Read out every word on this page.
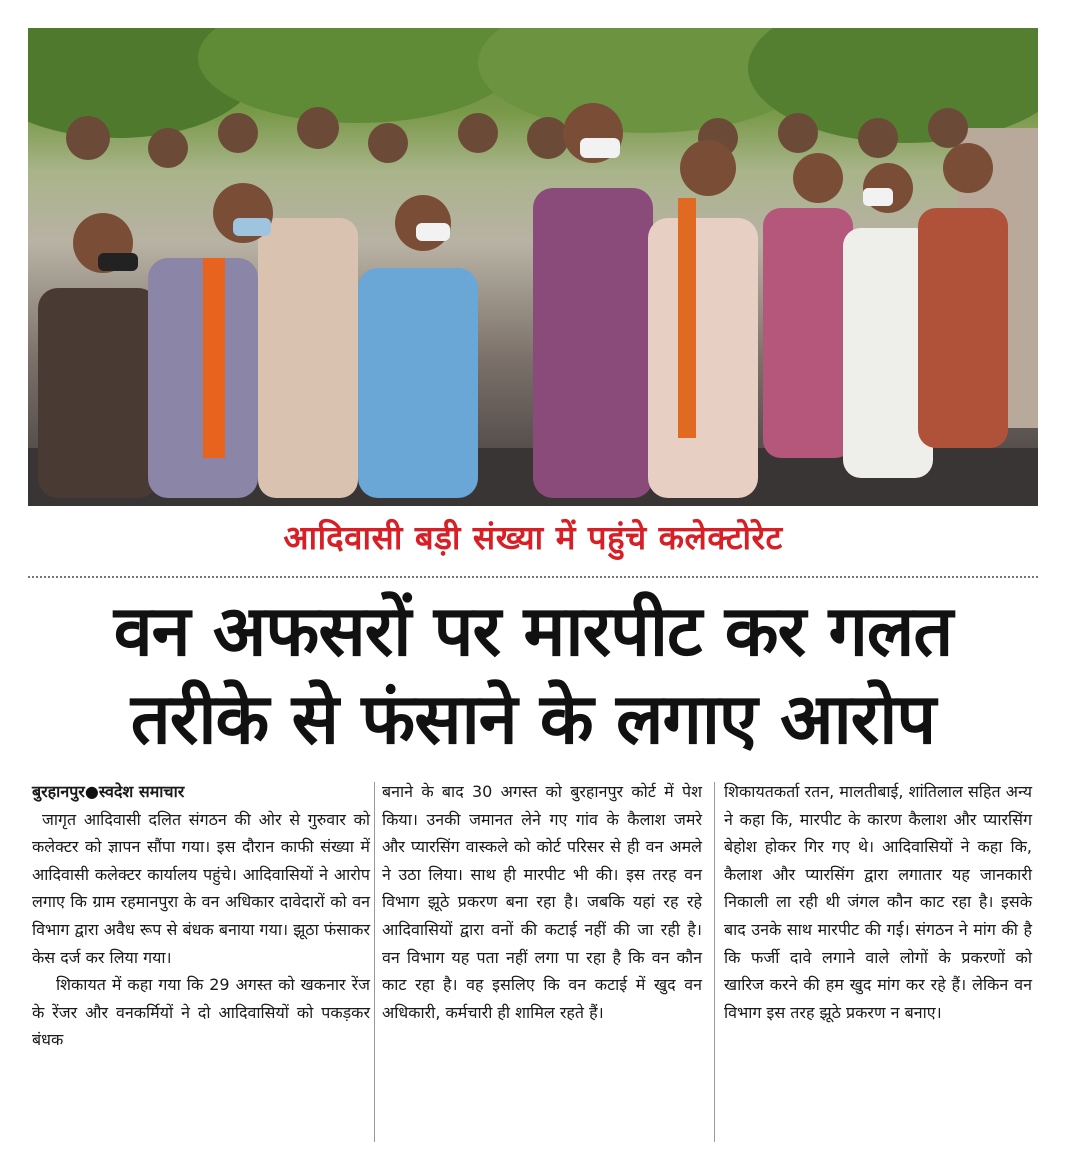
आदिवासी बड़ी संख्या में पहुंचे कलेक्टोरेट
वन अफसरों पर मारपीट कर गलत
तरीके से फंसाने के लगाए आरोप
बुरहानपुर●स्वदेश समाचार

जागृत आदिवासी दलित संगठन की ओर से गुरुवार को कलेक्टर को ज्ञापन सौंपा गया। इस दौरान काफी संख्या में आदिवासी कलेक्टर कार्यालय पहुंचे। आदिवासियों ने आरोप लगाए कि ग्राम रहमानपुरा के वन अधिकार दावेदारों को वन विभाग द्वारा अवैध रूप से बंधक बनाया गया। झूठा फंसाकर केस दर्ज कर लिया गया।

शिकायत में कहा गया कि 29 अगस्त को खकनार रेंज के रेंजर और वनकर्मियों ने दो आदिवासियों को पकड़कर बंधक

बनाने के बाद 30 अगस्त को बुरहानपुर कोर्ट में पेश किया। उनकी जमानत लेने गए गांव के कैलाश जमरे और प्यारसिंग वास्कले को कोर्ट परिसर से ही वन अमले ने उठा लिया। साथ ही मारपीट भी की। इस तरह वन विभाग झूठे प्रकरण बना रहा है। जबकि यहां रह रहे आदिवासियों द्वारा वनों की कटाई नहीं की जा रही है। वन विभाग यह पता नहीं लगा पा रहा है कि वन कौन काट रहा है। वह इसलिए कि वन कटाई में खुद वन अधिकारी, कर्मचारी ही शामिल रहते हैं।

शिकायतकर्ता रतन, मालतीबाई, शांतिलाल सहित अन्य ने कहा कि, मारपीट के कारण कैलाश और प्यारसिंग बेहोश होकर गिर गए थे। आदिवासियों ने कहा कि, कैलाश और प्यारसिंग द्वारा लगातार यह जानकारी निकाली ला रही थी जंगल कौन काट रहा है। इसके बाद उनके साथ मारपीट की गई। संगठन ने मांग की है कि फर्जी दावे लगाने वाले लोगों के प्रकरणों को खारिज करने की हम खुद मांग कर रहे हैं। लेकिन वन विभाग इस तरह झूठे प्रकरण न बनाए।
